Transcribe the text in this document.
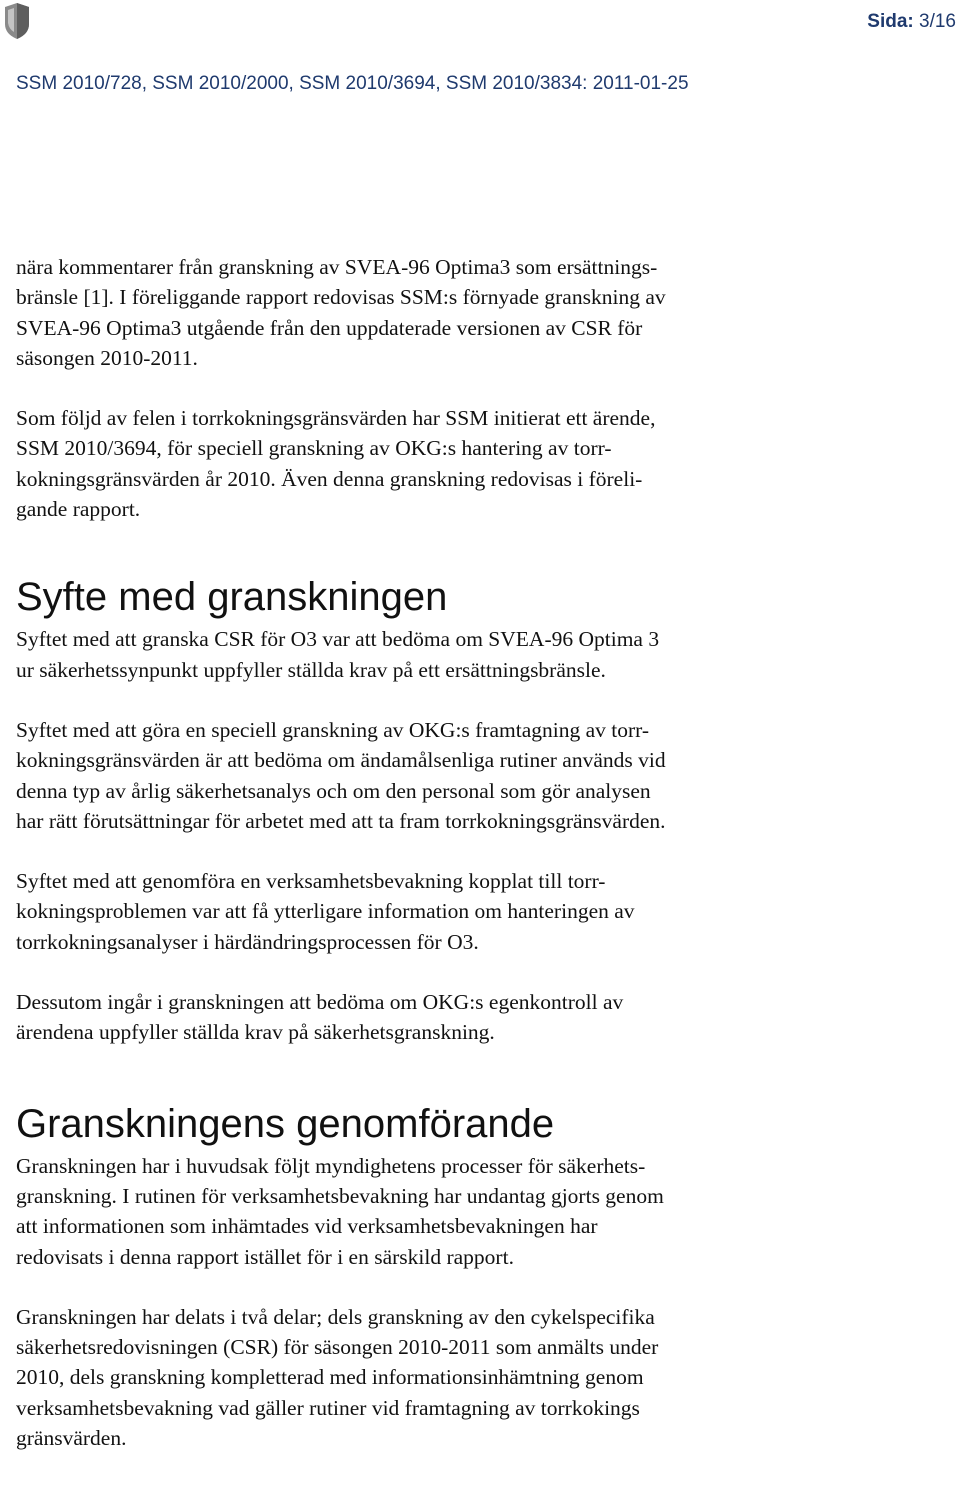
Sida: 3/16
SSM 2010/728, SSM 2010/2000, SSM 2010/3694, SSM 2010/3834: 2011-01-25

nära kommentarer från granskning av SVEA-96 Optima3 som ersättnings-
bränsle [1]. I föreliggande rapport redovisas SSM:s förnyade granskning av
SVEA-96 Optima3 utgående från den uppdaterade versionen av CSR för
säsongen 2010-2011.

Som följd av felen i torrkokningsgränsvärden har SSM initierat ett ärende,
SSM 2010/3694, för speciell granskning av OKG:s hantering av torr-
kokningsgränsvärden år 2010. Även denna granskning redovisas i föreli-
gande rapport.

Syfte med granskningen

Syftet med att granska CSR för O3 var att bedöma om SVEA-96 Optima 3
ur säkerhetssynpunkt uppfyller ställda krav på ett ersättningsbränsle.

Syftet med att göra en speciell granskning av OKG:s framtagning av torr-
kokningsgränsvärden är att bedöma om ändamålsenliga rutiner används vid
denna typ av årlig säkerhetsanalys och om den personal som gör analysen
har rätt förutsättningar för arbetet med att ta fram torrkokningsgränsvärden.

Syftet med att genomföra en verksamhetsbevakning kopplat till torr-
kokningsproblemen var att få ytterligare information om hanteringen av
torrkokningsanalyser i härdändringsprocessen för O3.

Dessutom ingår i granskningen att bedöma om OKG:s egenkontroll av
ärendena uppfyller ställda krav på säkerhetsgranskning.

Granskningens genomförande

Granskningen har i huvudsak följt myndighetens processer för säkerhets-
granskning. I rutinen för verksamhetsbevakning har undantag gjorts genom
att informationen som inhämtades vid verksamhetsbevakningen har
redovisats i denna rapport istället för i en särskild rapport.

Granskningen har delats i två delar; dels granskning av den cykelspecifika
säkerhetsredovisningen (CSR) för säsongen 2010-2011 som anmälts under
2010, dels granskning kompletterad med informationsinhämtning genom
verksamhetsbevakning vad gäller rutiner vid framtagning av torrkokings
gränsvärden.
